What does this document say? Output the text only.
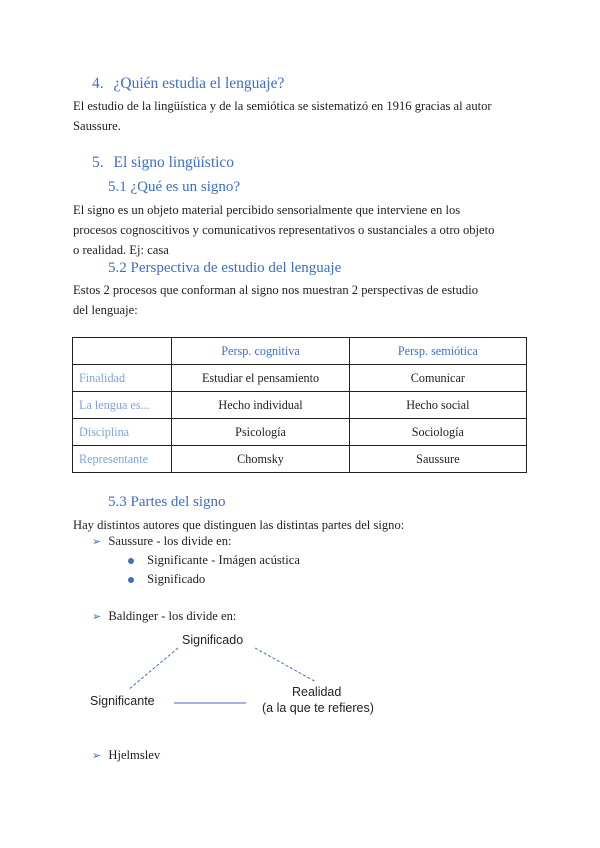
4. ¿Quién estudia el lenguaje?
El estudio de la lingüística y de la semiótica se sistematizó en 1916 gracias al autor
Saussure.
5. El signo lingüístico
5.1 ¿Qué es un signo?
El signo es un objeto material percibido sensorialmente que interviene en los
procesos cognoscitivos y comunicativos representativos o sustanciales a otro objeto
o realidad. Ej: casa
5.2 Perspectiva de estudio del lenguaje
Estos 2 procesos que conforman al signo nos muestran 2 perspectivas de estudio
del lenguaje:
	Persp. cognitiva	Persp. semiótica
Finalidad	Estudiar el pensamiento	Comunicar
La lengua es...	Hecho individual	Hecho social
Disciplina	Psicología	Sociología
Representante	Chomsky	Saussure
5.3 Partes del signo
Hay distintos autores que distinguen las distintas partes del signo:
➢ Saussure - los divide en:
Significante - Imágen acústica
Significado
➢ Baldinger - los divide en:
Significado
Significante
Realidad
(a la que te refieres)
➢ Hjelmslev
